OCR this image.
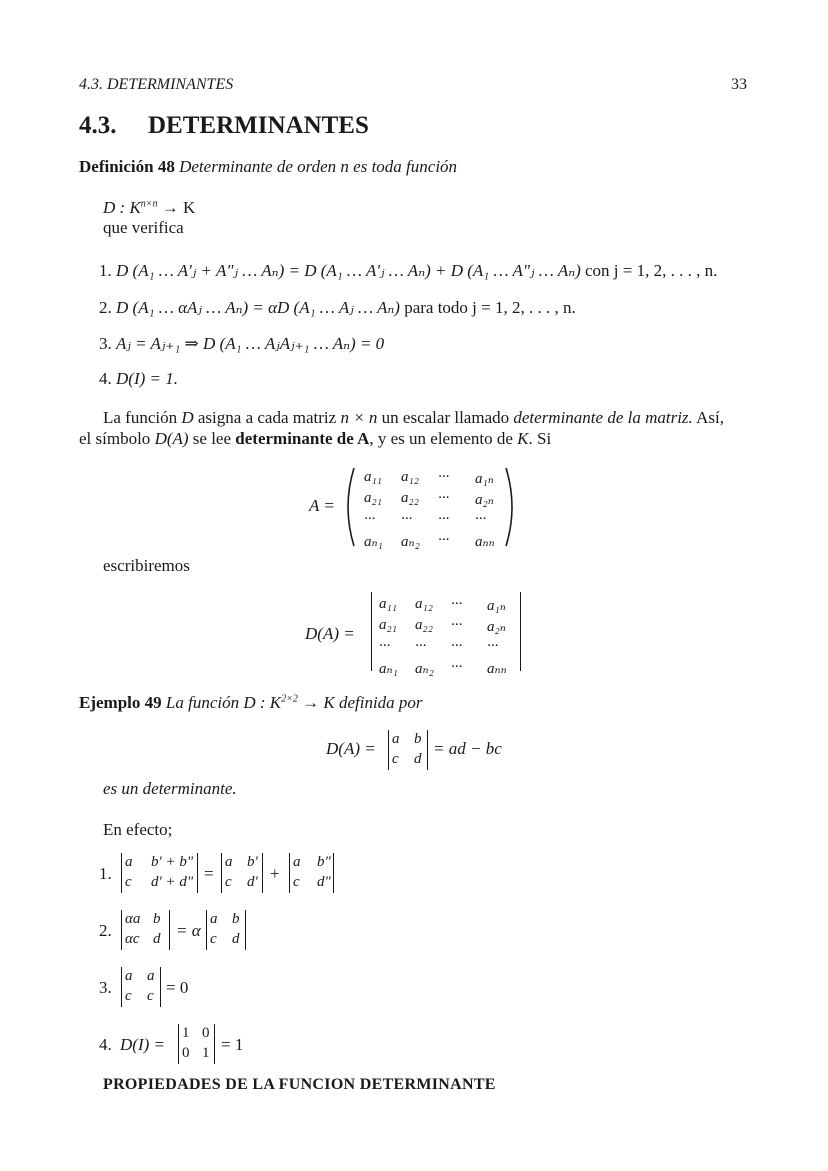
4.3. DETERMINANTES	33
4.3. DETERMINANTES
Definición 48 Determinante de orden n es toda función
D : $K^{n\times n} \to K$
que verifica
1. D (A₁ … A'ⱼ + A"ⱼ … Aₙ) = D (A₁ … A'ⱼ … Aₙ) + D (A₁ … A"ⱼ … Aₙ) con j = 1, 2, . . . , n.
2. D (A₁ … αAⱼ … Aₙ) = αD (A₁ … Aⱼ … Aₙ) para todo j = 1, 2, . . . , n.
3. Aⱼ = Aⱼ₊₁ ⇒ D (A₁ … AⱼAⱼ₊₁ … Aₙ) = 0
4. D(I) = 1.
La función D asigna a cada matriz n × n un escalar llamado determinante de la matriz. Así,
el símbolo D(A) se lee determinante de A, y es un elemento de K. Si
A =
a₁₁ a₁₂ ··· a₁ₙ
a₂₁ a₂₂ ··· a₂ₙ
··· ··· ··· ···
aₙ₁ aₙ₂ ··· aₙₙ
escribiremos
D(A) =
a₁₁ a₁₂ ··· a₁ₙ
a₂₁ a₂₂ ··· a₂ₙ
··· ··· ··· ···
aₙ₁ aₙ₂ ··· aₙₙ
Ejemplo 49 La función D : $K^{2\times 2} \to K$ definida por
D(A) = a b
c d
= ad − bc
es un determinante.
En efecto;
1.	=	+
2.	= α
3.	= 0
4. D(I) =	= 1
a b' + b"
c d' + d"
a b'
c d'
a b"
c d"
αa b
αc d
a b
c d
a a
c c
1 0
0 1
PROPIEDADES DE LA FUNCION DETERMINANTE
